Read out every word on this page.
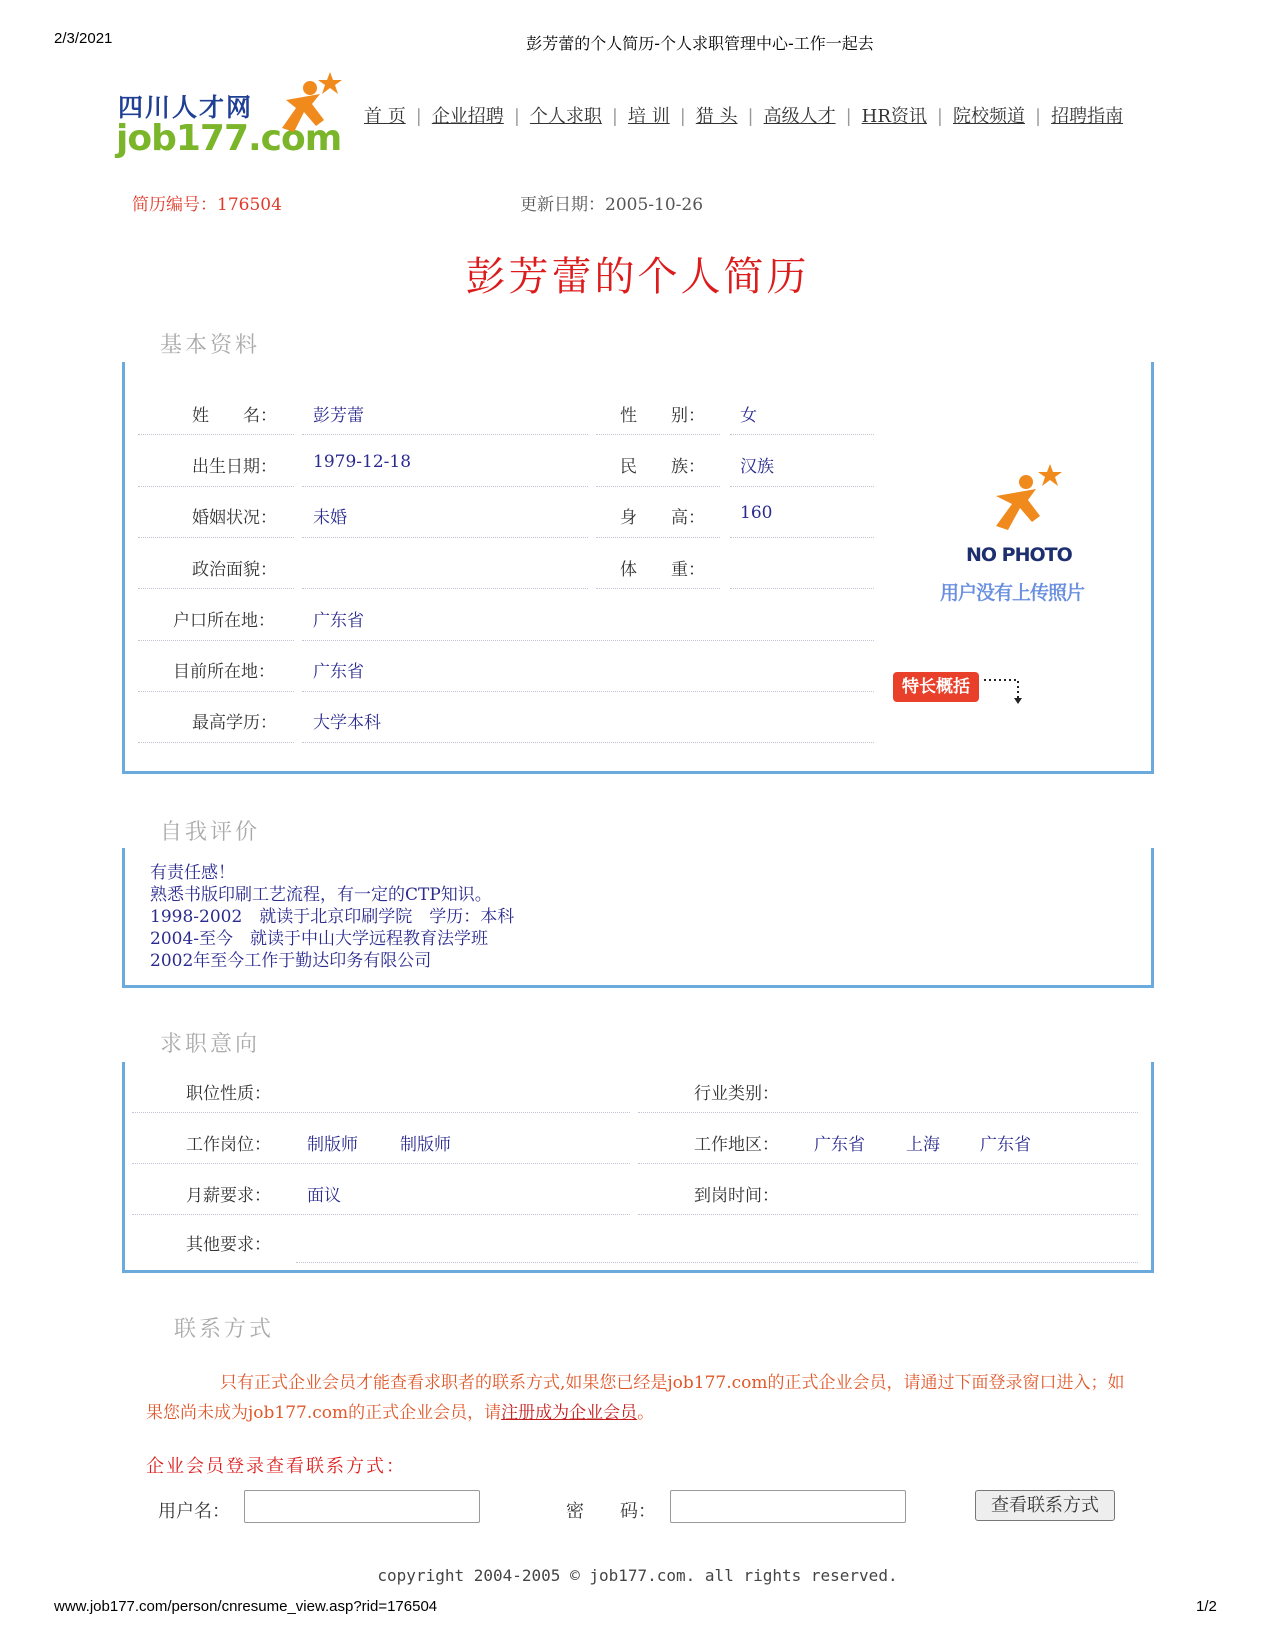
2/3/2021	彭芳蕾的个人简历-个人求职管理中心-工作一起去
四川人才网
job177.com
首 页 | 企业招聘 | 个人求职 | 培 训 | 猎 头 | 高级人才 | HR资讯 | 院校频道 | 招聘指南
简历编号：176504	更新日期：2005-10-26
彭芳蕾的个人简历
基本资料
姓　　名： 彭芳蕾	性　　别： 女
出生日期： 1979-12-18	民　　族： 汉族
婚姻状况： 未婚	身　　高： 160
政治面貌：	体　　重：
户口所在地： 广东省
目前所在地： 广东省
最高学历： 大学本科
NO PHOTO
用户没有上传照片
特长概括
自我评价
有责任感！
熟悉书版印刷工艺流程，有一定的CTP知识。
1998-2002　就读于北京印刷学院　学历：本科
2004-至今　就读于中山大学远程教育法学班
2002年至今工作于勤达印务有限公司
求职意向
职位性质：	行业类别：
工作岗位： 制版师 制版师	工作地区： 广东省 上海 广东省
月薪要求： 面议	到岗时间：
其他要求：
联系方式
只有正式企业会员才能查看求职者的联系方式,如果您已经是job177.com的正式企业会员，请通过下面登录窗口进入；如果您尚未成为job177.com的正式企业会员，请注册成为企业会员。
企业会员登录查看联系方式：
用户名：	密　　码：	查看联系方式
copyright 2004-2005 © job177.com. all rights reserved.
www.job177.com/person/cnresume_view.asp?rid=176504	1/2
